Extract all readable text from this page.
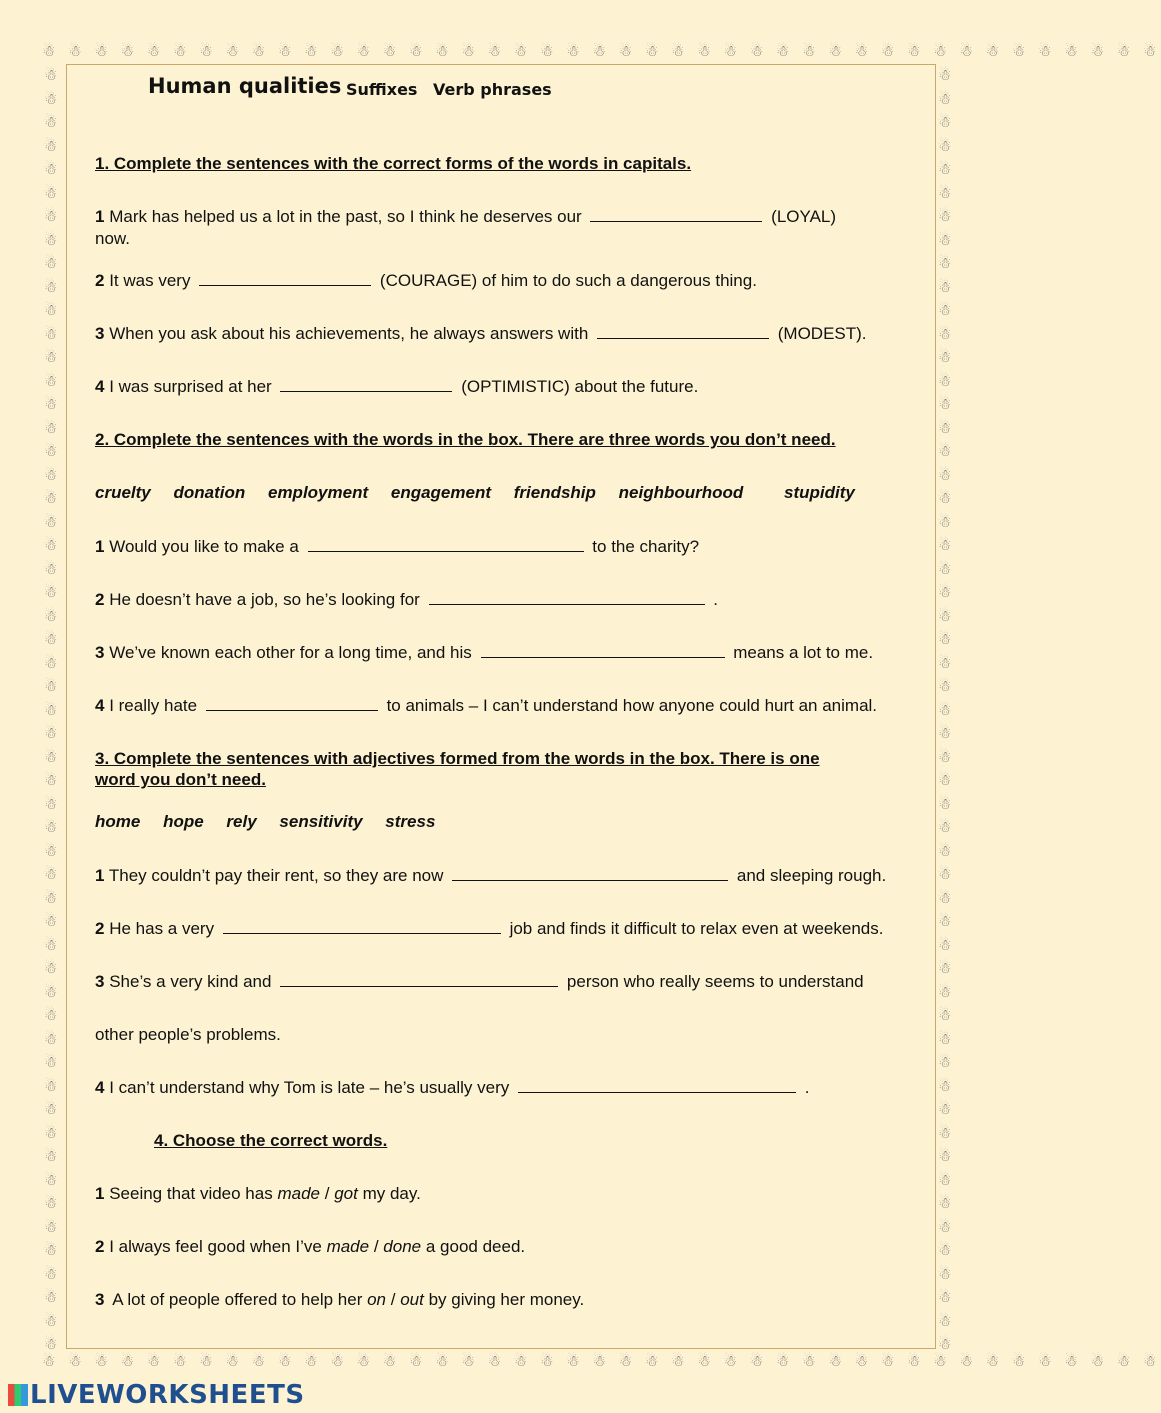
☃ ☃ ☃ ☃ ☃ ☃ ☃ ☃ ☃ ☃ ☃ ☃ ☃ ☃ ☃ ☃ ☃ ☃ ☃ ☃ ☃ ☃ ☃ ☃ ☃ ☃ ☃ ☃ ☃ ☃ ☃ ☃ ☃ ☃ ☃ ☃ ☃ ☃ ☃ ☃ ☃ ☃ ☃
☃ ☃ ☃ ☃ ☃ ☃ ☃ ☃ ☃ ☃ ☃ ☃ ☃ ☃ ☃ ☃ ☃ ☃ ☃ ☃ ☃ ☃ ☃ ☃ ☃ ☃ ☃ ☃ ☃ ☃ ☃ ☃ ☃ ☃ ☃ ☃ ☃ ☃ ☃ ☃ ☃ ☃ ☃
☃☃☃☃☃☃☃☃☃☃☃☃☃☃☃☃☃☃☃☃☃☃☃☃☃☃☃☃☃☃☃☃☃☃☃☃☃☃☃☃☃☃☃☃☃☃☃☃☃☃☃☃☃☃☃
☃☃☃☃☃☃☃☃☃☃☃☃☃☃☃☃☃☃☃☃☃☃☃☃☃☃☃☃☃☃☃☃☃☃☃☃☃☃☃☃☃☃☃☃☃☃☃☃☃☃☃☃☃☃☃
Human qualities Suffixes Verb phrases
1. Complete the sentences with the correct forms of the words in capitals.
1 Mark has helped us a lot in the past, so I think he deserves our	(LOYAL)
now.
2 It was very	(COURAGE) of him to do such a dangerous thing.
3 When you ask about his achievements, he always answers with	(MODEST).
4 I was surprised at her	(OPTIMISTIC) about the future.
2. Complete the sentences with the words in the box. There are three words you don’t need.
cruelty donation employment engagement friendship neighbourhood stupidity
1 Would you like to make a	to the charity?
2 He doesn’t have a job, so he’s looking for	.
3 We’ve known each other for a long time, and his	means a lot to me.
4 I really hate	to animals – I can’t understand how anyone could hurt an animal.
3. Complete the sentences with adjectives formed from the words in the box. There is one
word you don’t need.
home hope rely sensitivity stress
1 They couldn’t pay their rent, so they are now	and sleeping rough.
2 He has a very	job and finds it difficult to relax even at weekends.
3 She’s a very kind and	person who really seems to understand
other people’s problems.
4 I can’t understand why Tom is late – he’s usually very	.
4. Choose the correct words.
1 Seeing that video has made / got my day.
2 I always feel good when I’ve made / done a good deed.
3 A lot of people offered to help her on / out by giving her money.
LIVEWORKSHEETS
